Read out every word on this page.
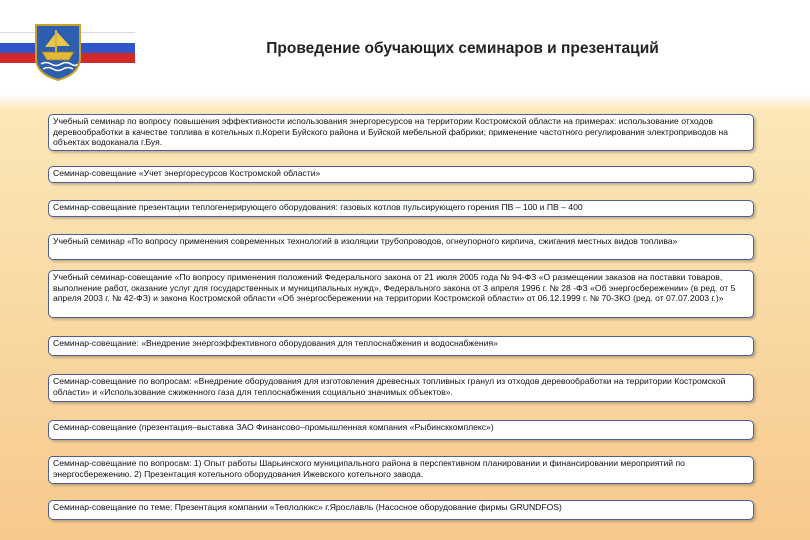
Проведение обучающих семинаров и презентаций
Учебный семинар по вопросу повышения эффективности использования энергоресурсов на территории Костромской области на примерах: использование отходов деревообработки в качестве топлива в котельных п.Кореги Буйского района и Буйской мебельной фабрики; применение частотного регулирования электроприводов на объектах водоканала г.Буя.
Семинар-совещание «Учет энергоресурсов Костромской области»
Семинар-совещание презентации теплогенерирующего оборудования: газовых котлов пульсирующего горения ПВ – 100 и ПВ – 400
Учебный семинар «По вопросу применения современных технологий в изоляции трубопроводов, огнеупорного кирпича, сжигания местных видов топлива»
Учебный семинар-совещание «По вопросу применения положений Федерального закона от 21 июля 2005 года № 94-ФЗ «О размещении заказов на поставки товаров, выполнение работ, оказание услуг для государственных и муниципальных нужд», Федерального закона от 3 апреля 1996 г. № 28 -ФЗ «Об энергосбережении» (в ред. от 5 апреля 2003 г. № 42-ФЗ) и закона Костромской области «Об энергосбережении на территории Костромской области» от 06.12.1999 г. № 70-ЗКО (ред. от 07.07.2003 г.)»
Семинар-совещание: «Внедрение энергоэффективного оборудования для теплоснабжения и водоснабжения»
Семинар-совещание по вопросам: «Внедрение оборудования для изготовления древесных топливных гранул из отходов деревообработки на территории Костромской области» и «Использование сжиженного газа для теплоснабжения социально значимых объектов».
Семинар-совещание (презентация–выставка ЗАО Финансово–промышленная компания «Рыбинсккомплекс»)
Семинар-совещание по вопросам: 1) Опыт работы Шарьинского муниципального района в перспективном планировании и финансировании мероприятий по энергосбережению. 2) Презентация котельного оборудования Ижевского котельного завода.
Семинар-совещание по теме: Презентация компании «Теплолюкс» г.Ярославль (Насосное оборудование фирмы GRUNDFOS)
